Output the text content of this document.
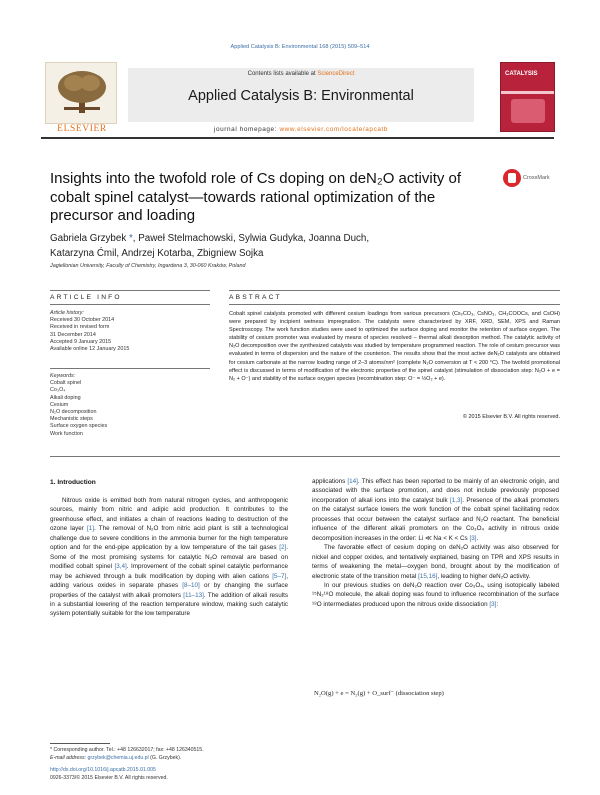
Applied Catalysis B: Environmental 168 (2015) 509–514
ELSEVIER
Contents lists available at ScienceDirect
Applied Catalysis B: Environmental
journal homepage: www.elsevier.com/locate/apcatb
CATALYSIS
Insights into the twofold role of Cs doping on deN₂O activity of cobalt spinel catalyst—towards rational optimization of the precursor and loading
CrossMark
Gabriela Grzybek *, Paweł Stelmachowski, Sylwia Gudyka, Joanna Duch,
Katarzyna Ćmil, Andrzej Kotarba, Zbigniew Sojka
Jagiellonian University, Faculty of Chemistry, Ingardena 3, 30-060 Kraków, Poland
ARTICLE INFO	ABSTRACT
Article history:
Received 30 October 2014
Received in revised form
31 December 2014
Accepted 9 January 2015
Available online 12 January 2015
Keywords:
Cobalt spinel
Co₃O₄
Alkali doping
Cesium
N₂O decomposition
Mechanistic steps
Surface oxygen species
Work function
Cobalt spinel catalysts promoted with different cesium loadings from various precursors (Cs₂CO₃, CsNO₃, CH₃COOCs, and CsOH) were prepared by incipient wetness impregnation. The catalysts were characterized by XRF, XRD, SEM, XPS and Raman Spectroscopy. The work function studies were used to optimized the surface doping and monitor the retention of surface oxygen. The stability of cesium promoter was evaluated by means of species resolved – thermal alkali desorption method. The catalytic activity of N₂O decomposition over the synthesized catalysts was studied by temperature programmed reaction. The role of cesium precursor was evaluated in terms of dispersion and the nature of the counterion. The results show that the most active deN₂O catalysts are obtained for cesium carbonate at the narrow loading range of 2–3 atoms/nm² (complete N₂O conversion at T < 200 °C). The twofold promotional effect is discussed in terms of modification of the electronic properties of the spinel catalyst (stimulation of dissociation step: N₂O + e = N₂ + O⁻) and stability of the surface oxygen species (recombination step: O⁻ = ½O₂ + e).
© 2015 Elsevier B.V. All rights reserved.
1. Introduction
Nitrous oxide is emitted both from natural nitrogen cycles, and anthropogenic sources, mainly from nitric and adipic acid production. It contributes to the greenhouse effect, and initiates a chain of reactions leading to destruction of the ozone layer [1]. The removal of N₂O from nitric acid plant is still a technological challenge due to severe conditions in the ammonia burner for the high temperature option and for the end-pipe application by a low temperature of the tail gases [2]. Some of the most promising systems for catalytic N₂O removal are based on modified cobalt spinel [3,4]. Improvement of the cobalt spinel catalytic performance may be achieved through a bulk modification by doping with alien cations [5–7], adding various oxides in separate phases [8–10] or by changing the surface properties of the catalyst with alkali promoters [11–13]. The addition of alkali results in a substantial lowering of the reaction temperature window, making such catalytic system potentially suitable for the low temperature
applications [14]. This effect has been reported to be mainly of an electronic origin, and associated with the surface promotion, and does not include previously proposed incorporation of alkali ions into the catalyst bulk [1,3]. Presence of the alkali promoters on the catalyst surface lowers the work function of the cobalt spinel facilitating redox processes that occur between the catalyst surface and N₂O reactant. The beneficial influence of the different alkali promoters on the Co₃O₄ activity in nitrous oxide decomposition increases in the order: Li ≪ Na < K < Cs [3].
The favorable effect of cesium doping on deN₂O activity was also observed for nickel and copper oxides, and tentatively explained, basing on TPR and XPS results in terms of weakening the metal—oxygen bond, brought about by the modification of electronic state of the transition metal [15,16], leading to higher deN₂O activity.
In our previous studies on deN₂O reaction over Co₃O₄, using isotopically labeled ¹⁵N₂¹⁸O molecule, the alkali doping was found to influence recombination of the surface ¹⁸O intermediates produced upon the nitrous oxide dissociation [3]:
N₂O(g) + e = N₂(g) + O_surf⁻ (dissociation step)
* Corresponding author. Tel.: +48 126632017; fax: +48 126340515.
E-mail address: grzybek@chemia.uj.edu.pl (G. Grzybek).
http://dx.doi.org/10.1016/j.apcatb.2015.01.005
0926-3373/© 2015 Elsevier B.V. All rights reserved.
